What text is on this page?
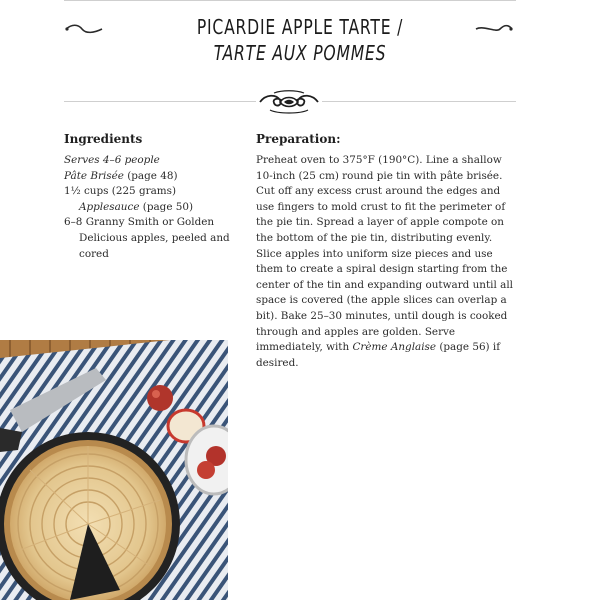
PICARDIE APPLE TARTE /
TARTE AUX POMMES
Ingredients

Serves 4–6 people

Pâte Brisée (page 48)

1½ cups (225 grams) Applesauce (page 50)

6–8 Granny Smith or Golden Delicious apples, peeled and cored

Preparation:

Preheat oven to 375°F (190°C). Line a shallow 10-inch (25 cm) round pie tin with pâte brisée. Cut off any excess crust around the edges and use fingers to mold crust to fit the perimeter of the pie tin. Spread a layer of apple compote on the bottom of the pie tin, distributing evenly. Slice apples into uniform size pieces and use them to create a spiral design starting from the center of the tin and expanding outward until all space is covered (the apple slices can overlap a bit). Bake 25–30 minutes, until dough is cooked through and apples are golden. Serve immediately, with Crème Anglaise (page 56) if desired.
